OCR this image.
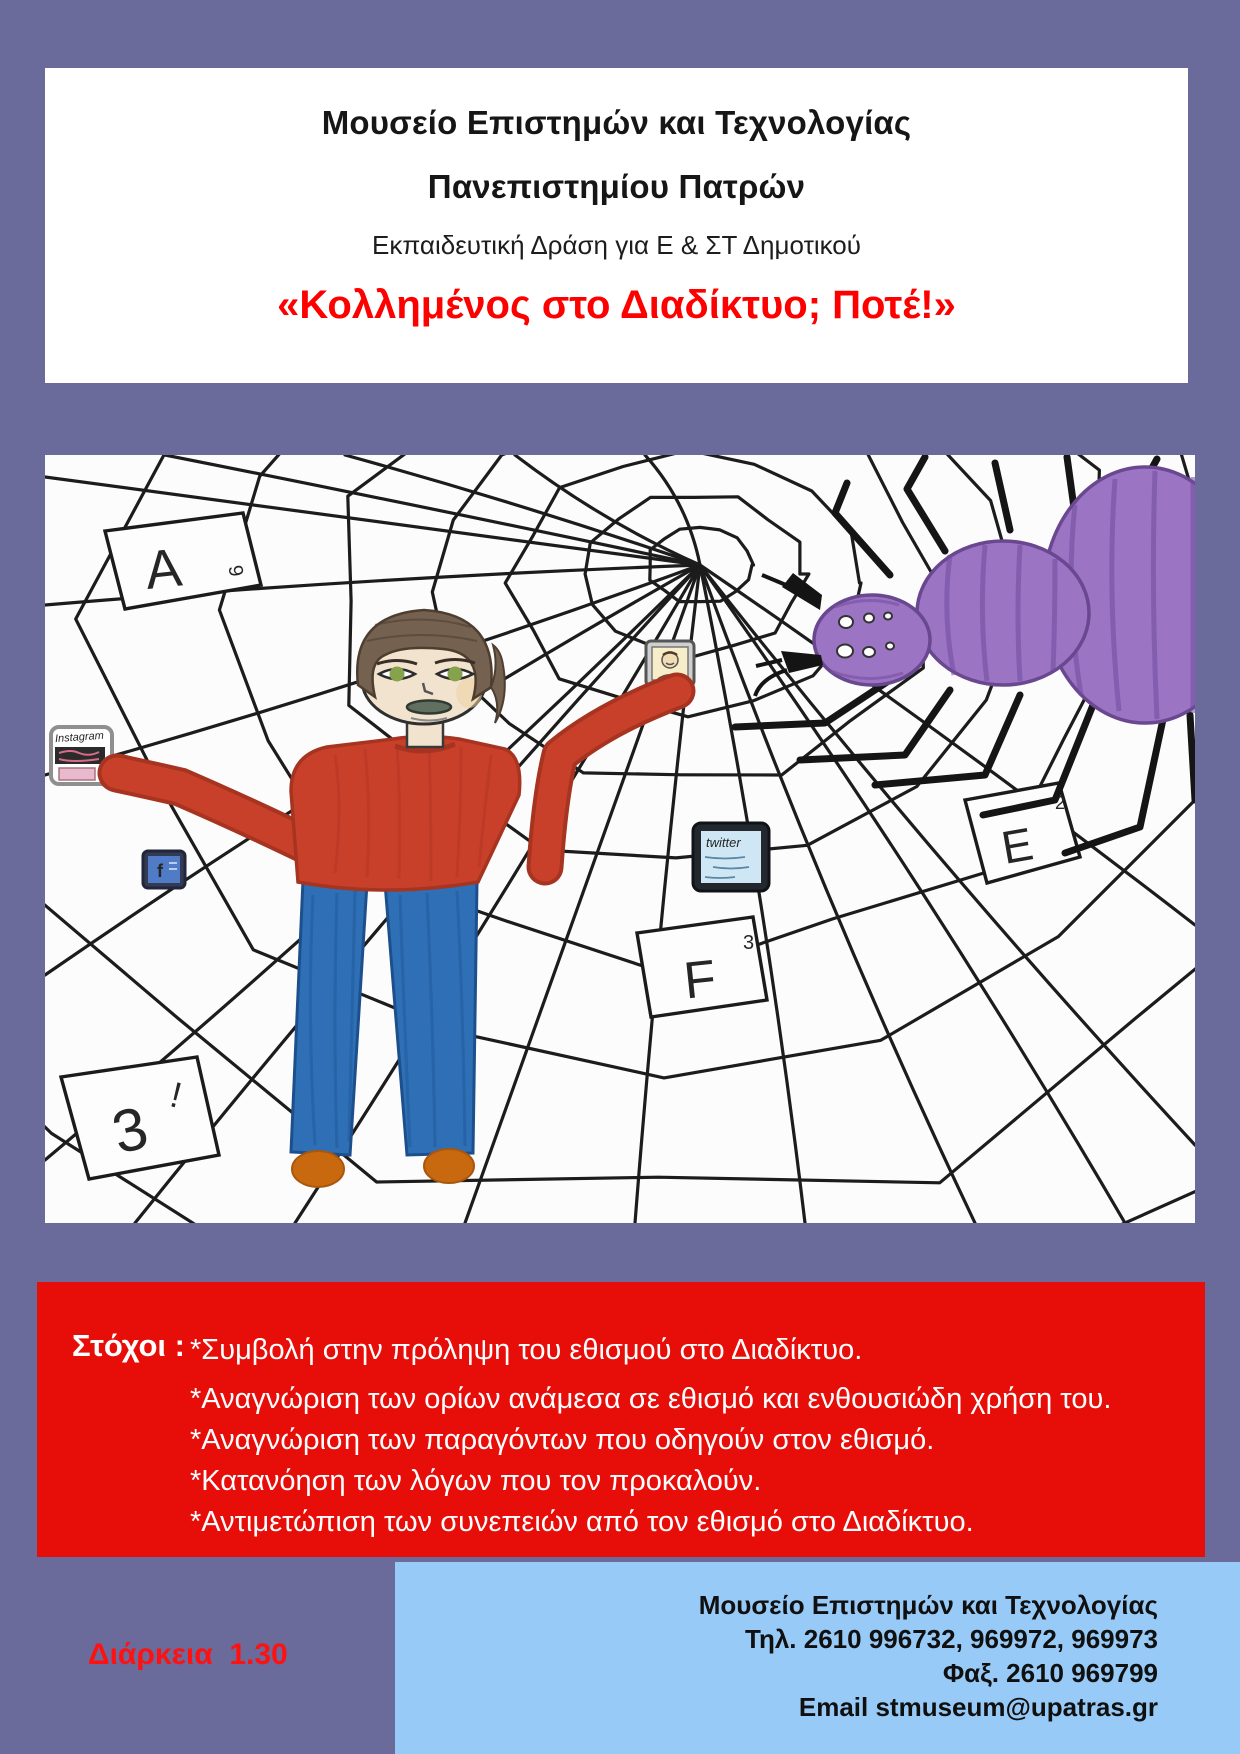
Μουσείο Επιστημών και Τεχνολογίας
Πανεπιστημίου Πατρών
Εκπαιδευτική Δράση για Ε & ΣΤ Δημοτικού
«Κολλημένος στο Διαδίκτυο; Ποτέ!»
A 9
E
2
F
3
3 !
Instagram
f
twitter
Στόχοι : *Συμβολή στην πρόληψη του εθισμού στο Διαδίκτυο.
*Αναγνώριση των ορίων ανάμεσα σε εθισμό και ενθουσιώδη χρήση του.
*Αναγνώριση των παραγόντων που οδηγούν στον εθισμό.
*Κατανόηση των λόγων που τον προκαλούν.
*Αντιμετώπιση των συνεπειών από τον εθισμό στο Διαδίκτυο.
Διάρκεια  1.30
Μουσείο Επιστημών και Τεχνολογίας
Τηλ. 2610 996732, 969972, 969973
Φαξ. 2610 969799
Email stmuseum@upatras.gr
